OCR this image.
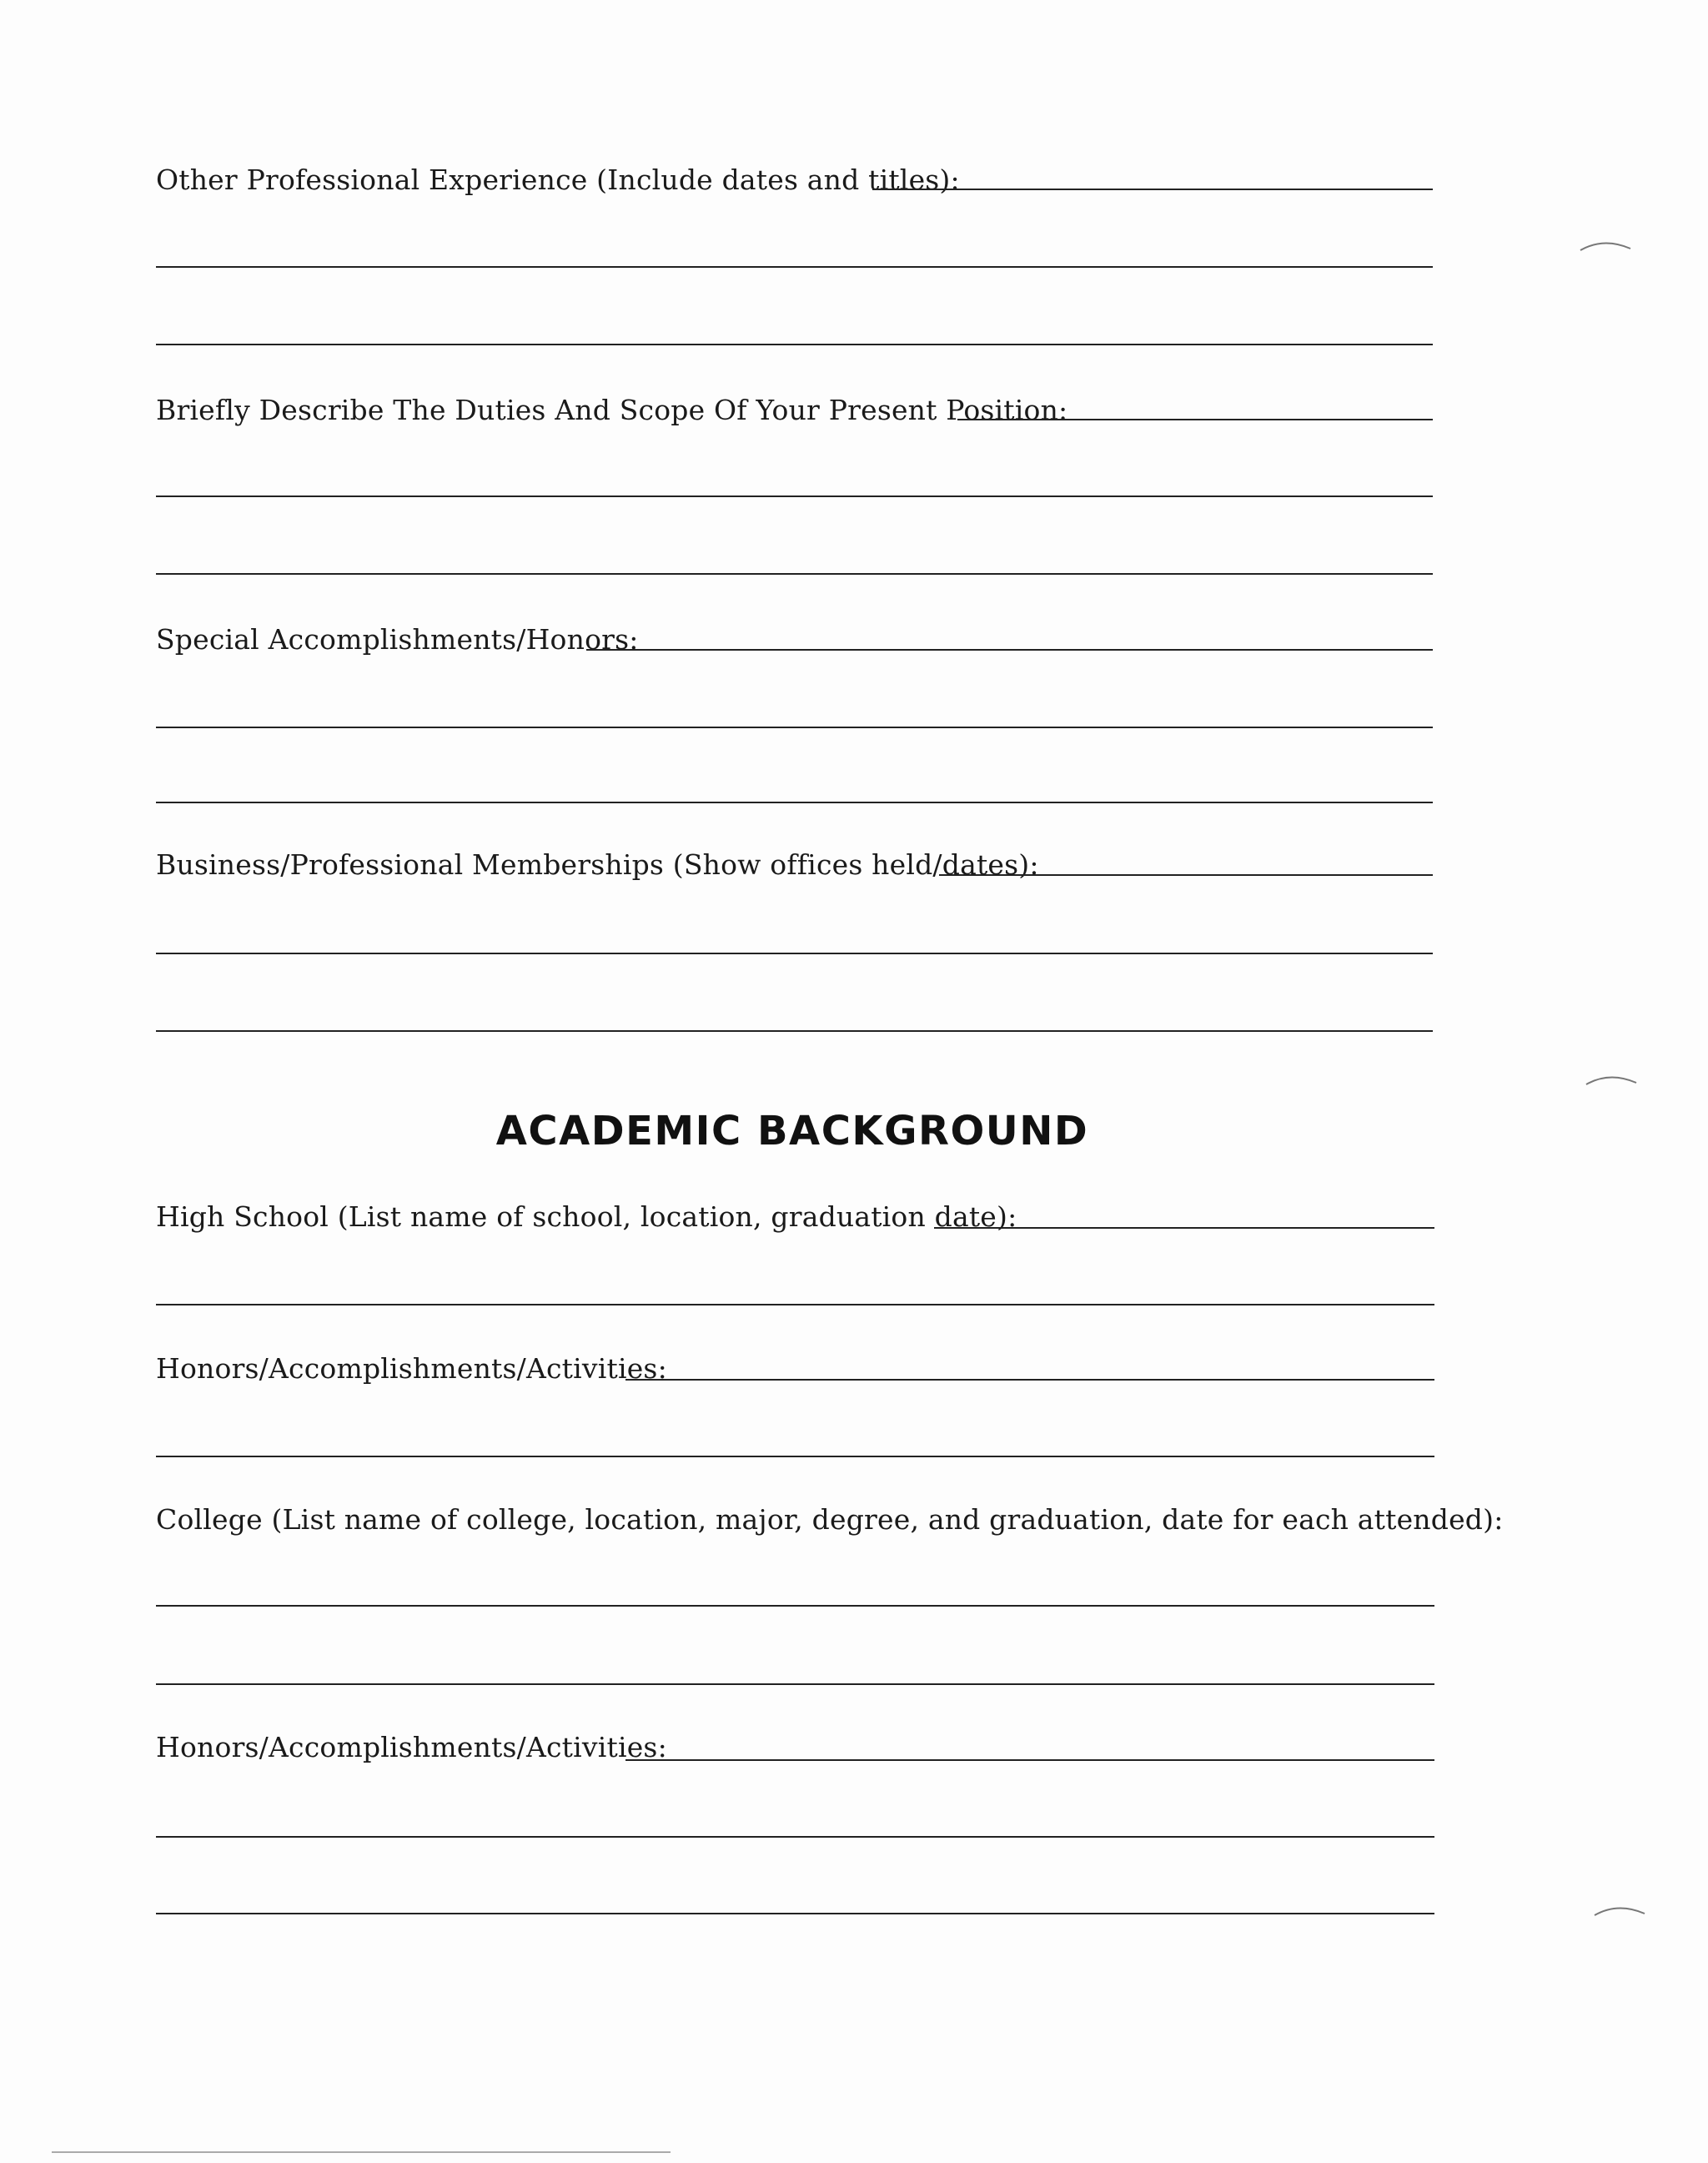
Other Professional Experience (Include dates and titles):
Briefly Describe The Duties And Scope Of Your Present Position:
Special Accomplishments/Honors:
Business/Professional Memberships (Show offices held/dates):
ACADEMIC BACKGROUND
High School (List name of school, location, graduation date):
Honors/Accomplishments/Activities:
College (List name of college, location, major, degree, and graduation, date for each attended):
Honors/Accomplishments/Activities:
